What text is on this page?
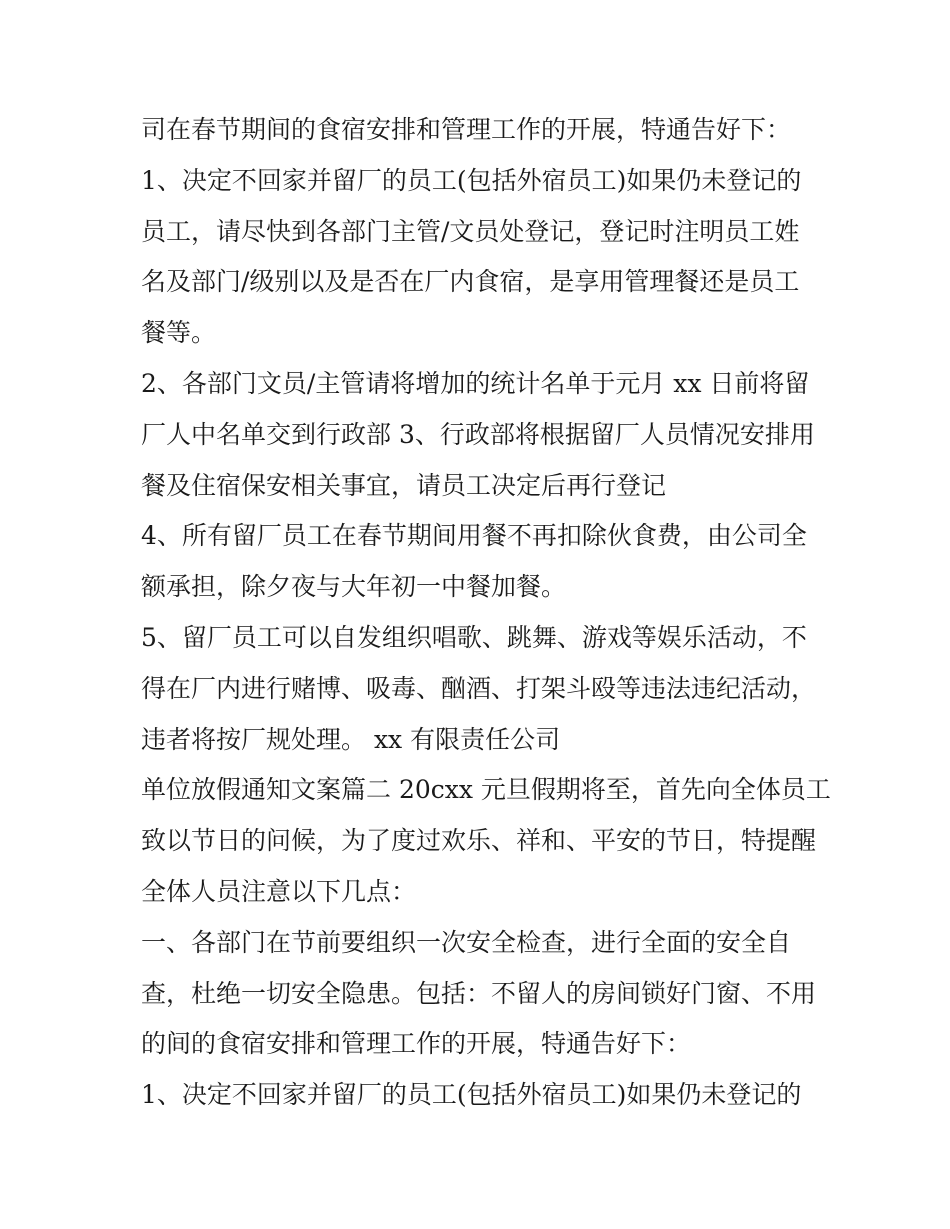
司在春节期间的食宿安排和管理工作的开展，特通告好下：
1、决定不回家并留厂的员工(包括外宿员工)如果仍未登记的
员工，请尽快到各部门主管/文员处登记，登记时注明员工姓
名及部门/级别以及是否在厂内食宿，是享用管理餐还是员工
餐等。
2、各部门文员/主管请将增加的统计名单于元月 xx 日前将留
厂人中名单交到行政部 3、行政部将根据留厂人员情况安排用
餐及住宿保安相关事宜，请员工决定后再行登记
4、所有留厂员工在春节期间用餐不再扣除伙食费，由公司全
额承担，除夕夜与大年初一中餐加餐。
5、留厂员工可以自发组织唱歌、跳舞、游戏等娱乐活动，不
得在厂内进行赌博、吸毒、酗酒、打架斗殴等违法违纪活动，
违者将按厂规处理。 xx 有限责任公司
单位放假通知文案篇二 20cxx 元旦假期将至，首先向全体员工
致以节日的问候，为了度过欢乐、祥和、平安的节日，特提醒
全体人员注意以下几点：
一、各部门在节前要组织一次安全检查，进行全面的安全自
查，杜绝一切安全隐患。包括：不留人的房间锁好门窗、不用
的间的食宿安排和管理工作的开展，特通告好下：
1、决定不回家并留厂的员工(包括外宿员工)如果仍未登记的
